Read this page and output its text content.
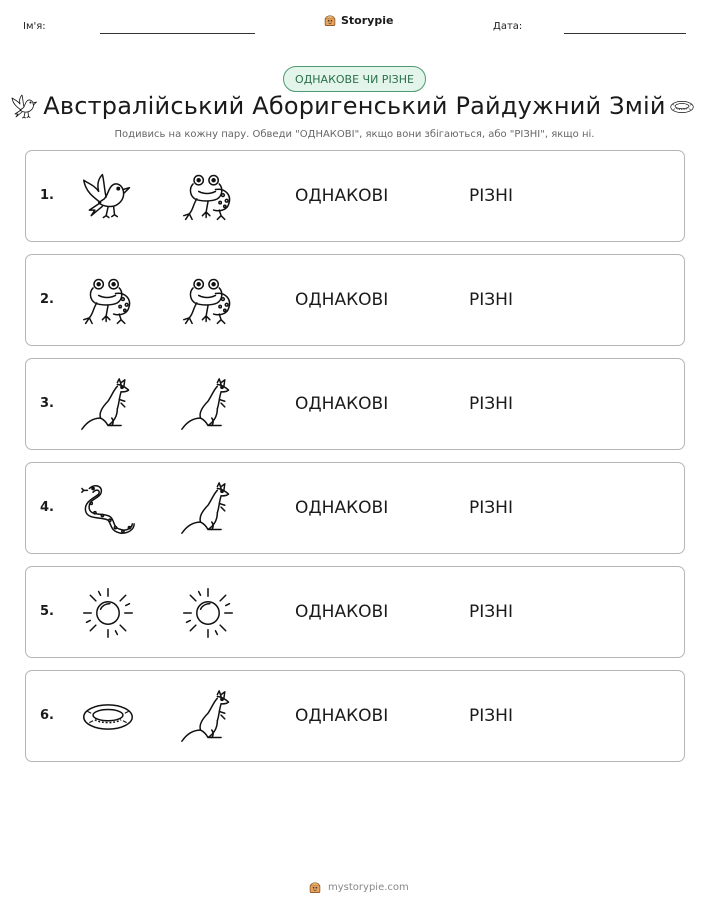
Ім'я:	Storypie	Дата:
ОДНАКОВЕ ЧИ РІЗНЕ
Австралійський Аборигенський Райдужний Змій
Подивись на кожну пару. Обведи "ОДНАКОВІ", якщо вони збігаються, або "РІЗНІ", якщо ні.
1.	ОДНАКОВІ	РІЗНІ
2.	ОДНАКОВІ	РІЗНІ
3.	ОДНАКОВІ	РІЗНІ
4.	ОДНАКОВІ	РІЗНІ
5.	ОДНАКОВІ	РІЗНІ
6.	ОДНАКОВІ	РІЗНІ
mystorypie.com
